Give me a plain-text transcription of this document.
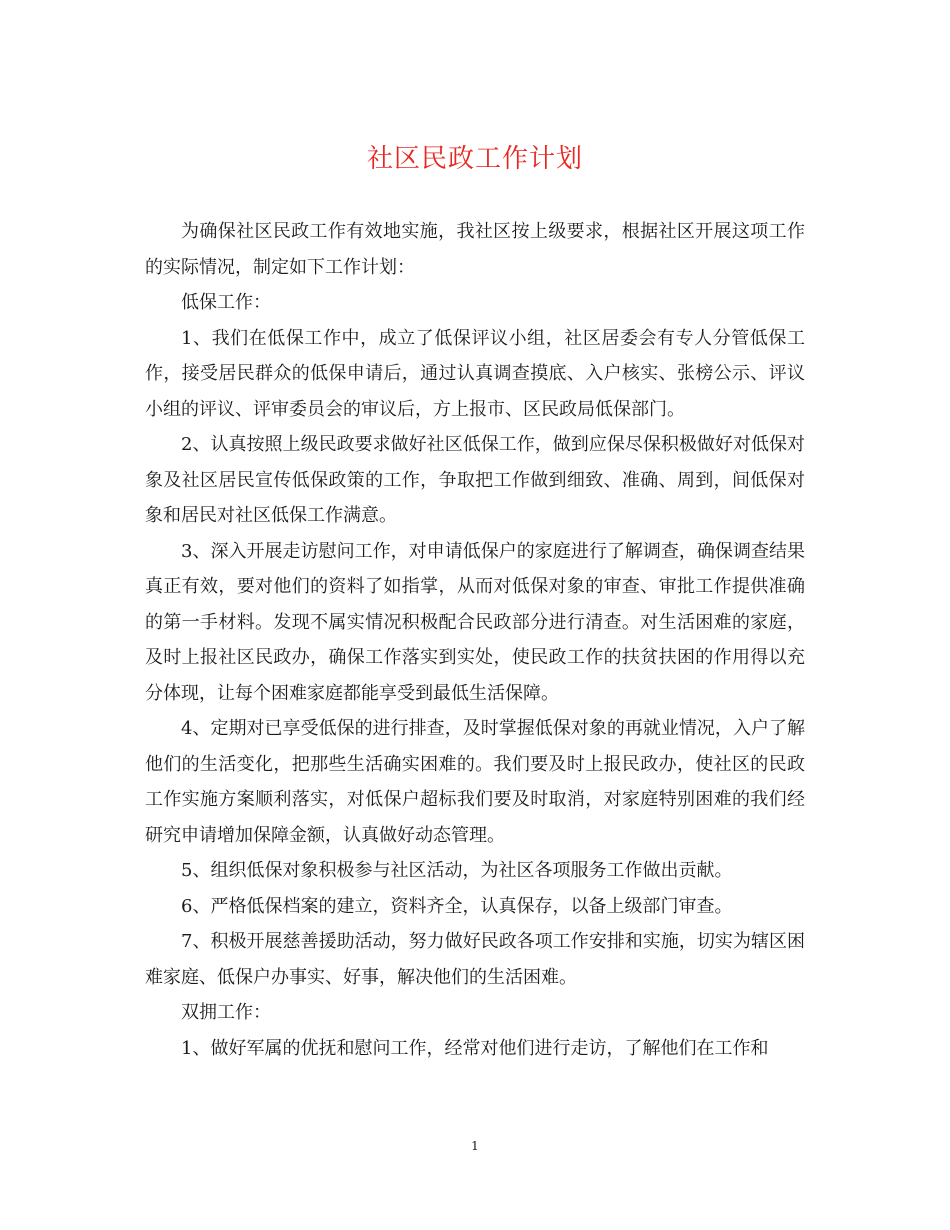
社区民政工作计划

为确保社区民政工作有效地实施，我社区按上级要求，根据社区开展这项工作的实际情况，制定如下工作计划：

低保工作：

1、我们在低保工作中，成立了低保评议小组，社区居委会有专人分管低保工作，接受居民群众的低保申请后，通过认真调查摸底、入户核实、张榜公示、评议小组的评议、评审委员会的审议后，方上报市、区民政局低保部门。

2、认真按照上级民政要求做好社区低保工作，做到应保尽保积极做好对低保对象及社区居民宣传低保政策的工作，争取把工作做到细致、准确、周到，间低保对象和居民对社区低保工作满意。

3、深入开展走访慰问工作，对申请低保户的家庭进行了解调查，确保调查结果真正有效，要对他们的资料了如指掌，从而对低保对象的审查、审批工作提供准确的第一手材料。发现不属实情况积极配合民政部分进行清查。对生活困难的家庭，及时上报社区民政办，确保工作落实到实处，使民政工作的扶贫扶困的作用得以充分体现，让每个困难家庭都能享受到最低生活保障。

4、定期对已享受低保的进行排查，及时掌握低保对象的再就业情况，入户了解他们的生活变化，把那些生活确实困难的。我们要及时上报民政办，使社区的民政工作实施方案顺利落实，对低保户超标我们要及时取消，对家庭特别困难的我们经研究申请增加保障金额，认真做好动态管理。

5、组织低保对象积极参与社区活动，为社区各项服务工作做出贡献。

6、严格低保档案的建立，资料齐全，认真保存，以备上级部门审查。

7、积极开展慈善援助活动，努力做好民政各项工作安排和实施，切实为辖区困难家庭、低保户办事实、好事，解决他们的生活困难。

双拥工作：

1、做好军属的优抚和慰问工作，经常对他们进行走访，了解他们在工作和

1
